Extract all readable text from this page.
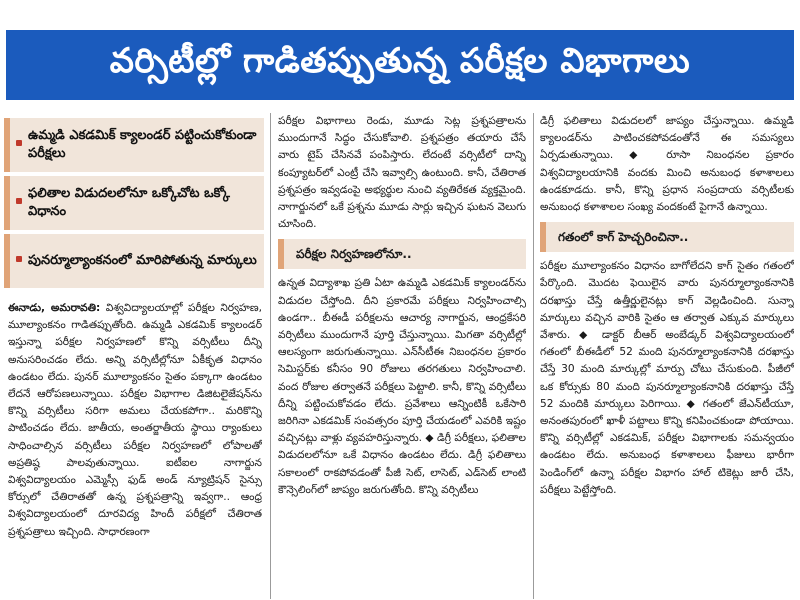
వర్సిటీల్లో గాడితప్పుతున్న పరీక్షల విభాగాలు
ఉమ్మడి ఎకడమిక్ క్యాలండర్ పట్టించుకోకుండా పరీక్షలు
ఫలితాల విడుదలలోనూ ఒక్కోచోట ఒక్కో విధానం
పునర్మూల్యాంకనంలో మారిపోతున్న మార్కులు

ఈనాడు, అమరావతి: విశ్వవిద్యాలయాల్లో పరీక్షల నిర్వహణ, మూల్యాంకనం గాడితప్పుతోంది. ఉమ్మడి ఎకడమిక్ క్యాలండర్ ఇస్తున్నా పరీక్షల నిర్వహణలో కొన్ని వర్సిటీలు దీన్ని అనుసరించడం లేదు. అన్ని వర్సిటీల్లోనూ ఏకీకృత విధానం ఉండటం లేదు. పునర్ మూల్యాంకనం సైతం పక్కాగా ఉండటం లేదనే ఆరోపణలున్నాయి. పరీక్షల విభాగాల డిజిటలైజేషన్‌ను కొన్ని వర్సిటీలు సరిగా అమలు చేయకపోగా.. మరికొన్ని పాటించడం లేదు. జాతీయ, అంతర్జాతీయ స్థాయి ర్యాంకులు సాధించాల్సిన వర్సిటీలు పరీక్షల నిర్వహణలో లోపాలతో అప్రతిష్ఠ పాలవుతున్నాయి. ఐటీఐల నాగార్జున విశ్వవిద్యాలయం ఎమ్మెస్సీ ఫుడ్ అండ్ న్యూట్రిషన్ సైన్సు కోర్సులో చేతిరాతతో ఉన్న ప్రశ్నపత్రాన్ని ఇవ్వగా.. ఆంధ్ర విశ్వవిద్యాలయంలో దూరవిద్య హిందీ పరీక్షలో చేతిరాత ప్రశ్నపత్రాలు ఇచ్చింది. సాధారణంగా

పరీక్షల విభాగాలు రెండు, మూడు సెట్ల ప్రశ్నపత్రాలను ముందుగానే సిద్ధం చేసుకోవాలి. ప్రశ్నపత్రం తయారు చేసే వారు టైప్ చేసినవే పంపిస్తారు. లేదంటే వర్సిటీలో దాన్ని కంప్యూటర్‌లో ఎంట్రీ చేసి ఇవ్వాల్సి ఉంటుంది. కానీ, చేతిరాత ప్రశ్నపత్రం ఇవ్వడంపై అభ్యర్థుల నుంచి వ్యతిరేకత వ్యక్తమైంది. నాగార్జునలో ఒకే ప్రశ్నను మూడు సార్లు ఇచ్చిన ఘటన వెలుగు చూసింది.

పరీక్షల నిర్వహణలోనూ..

ఉన్నత విద్యాశాఖ ప్రతి ఏటా ఉమ్మడి ఎకడమిక్ క్యాలండర్‌ను విడుదల చేస్తోంది. దీని ప్రకారమే పరీక్షలు నిర్వహించాల్సి ఉండగా.. బీఈడీ పరీక్షలను ఆచార్య నాగార్జున, ఆంధ్రకేసరి వర్సిటీలు ముందుగానే పూర్తి చేస్తున్నాయి. మిగతా వర్సిటీల్లో ఆలస్యంగా జరుగుతున్నాయి. ఎన్‌సీటీఈ నిబంధనల ప్రకారం సెమిస్టర్‌కు కనీసం 90 రోజులు తరగతులు నిర్వహించాలి. వంద రోజుల తర్వాతనే పరీక్షలు పెట్టాలి. కానీ, కొన్ని వర్సిటీలు దీన్ని పట్టించుకోవడం లేదు. ప్రవేశాలు ఆన్నింటికీ ఒకేసారి జరిగినా ఎకడమిక్ సంవత్సరం పూర్తి చేయడంలో ఎవరికి ఇష్టం వచ్చినట్లు వాళ్లు వ్యవహరిస్తున్నారు. ◆ డిగ్రీ పరీక్షలు, ఫలితాల విడుదలలోనూ ఒకే విధానం ఉండటం లేదు. డిగ్రీ ఫలితాలు సకాలంలో రాకపోవడంతో పీజీ సెట్, లాసెట్, ఎడ్‌సెట్ లాంటి కౌన్సెలింగ్‌లో జాప్యం జరుగుతోంది. కొన్ని వర్సిటీలు

డిగ్రీ ఫలితాలు విడుదలలో జాప్యం చేస్తున్నాయి. ఉమ్మడి క్యాలండర్‌ను పాటించకపోవడంతోనే ఈ సమస్యలు ఏర్పడుతున్నాయి. ◆ రూసా నిబంధనల ప్రకారం విశ్వవిద్యాలయానికి వందకు మించి అనుబంధ కళాశాలలు ఉండకూడదు. కానీ, కొన్ని ప్రధాన సంప్రదాయ వర్సిటీలకు అనుబంధ కళాశాలల సంఖ్య వందకంటే పైగానే ఉన్నాయి.

గతంలో కాగ్ హెచ్చరించినా..

పరీక్షల మూల్యాంకనం విధానం బాగోలేదని కాగ్ సైతం గతంలో పేర్కొంది. మొదట ఫెయిలైన వారు పునర్మూల్యాంకనానికి దరఖాస్తు చేస్తే ఉత్తీర్ణులైనట్లు కాగ్ వెల్లడించింది. సున్నా మార్కులు వచ్చిన వారికి సైతం ఆ తర్వాత ఎక్కువ మార్కులు వేశారు. ◆ డాక్టర్ బీఆర్ అంబేడ్కర్ విశ్వవిద్యాలయంలో గతంలో బీఈడీలో 52 మంది పునర్మూల్యాంకనానికి దరఖాస్తు చేస్తే 30 మంది మార్కుల్లో మార్పు చోటు చేసుకుంది. పీజీలో ఒక కోర్సుకు 80 మంది పునర్మూల్యాంకనానికి దరఖాస్తు చేస్తే 52 మందికి మార్కులు పెరిగాయి. ◆ గతంలో జేఎన్‌టీయూ, అనంతపురంలో ఖాళీ పట్టాలు కొన్ని కనిపించకుండా పోయాయి. కొన్ని వర్సిటీల్లో ఎకడమిక్, పరీక్షల విభాగాలకు సమన్వయం ఉండటం లేదు. అనుబంధ కళాశాలలు ఫీజులు భారీగా పెండింగ్‌లో ఉన్నా పరీక్షల విభాగం హాల్ టికెట్లు జారీ చేసి, పరీక్షలు పెట్టేస్తోంది.
